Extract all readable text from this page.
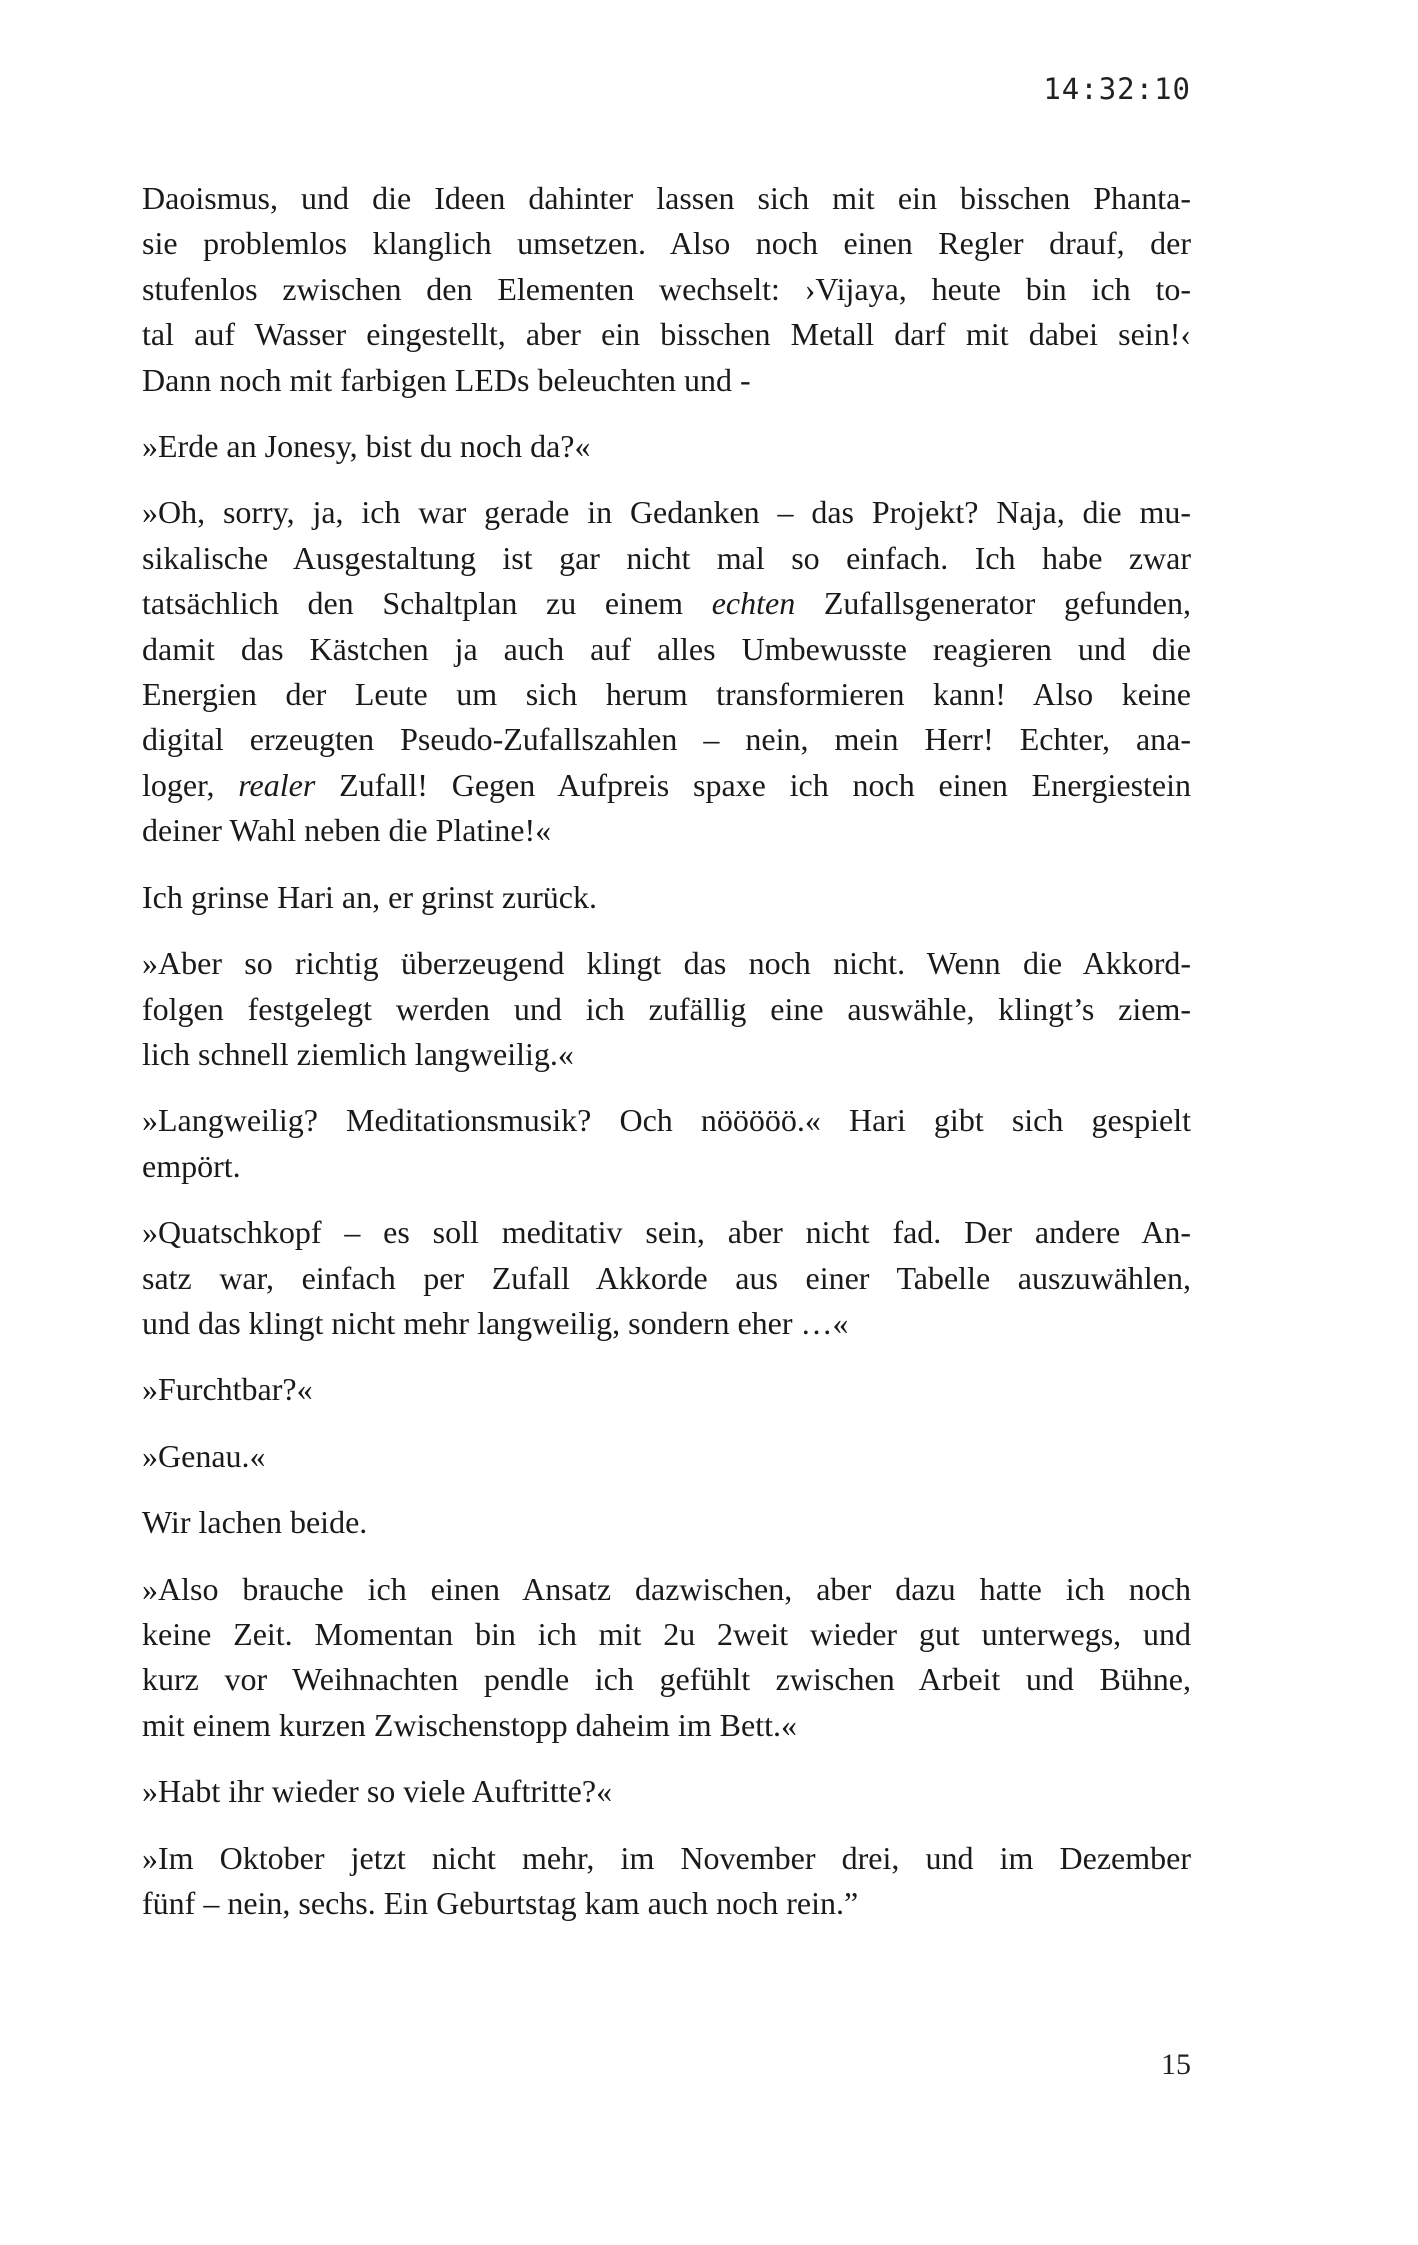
14:32:10
Daoismus, und die Ideen dahinter lassen sich mit ein bisschen Phanta-
sie problemlos klanglich umsetzen. Also noch einen Regler drauf, der
stufenlos zwischen den Elementen wechselt: ›Vijaya, heute bin ich to-
tal auf Wasser eingestellt, aber ein bisschen Metall darf mit dabei sein!‹
Dann noch mit farbigen LEDs beleuchten und -
»Erde an Jonesy, bist du noch da?«
»Oh, sorry, ja, ich war gerade in Gedanken – das Projekt? Naja, die mu-
sikalische Ausgestaltung ist gar nicht mal so einfach. Ich habe zwar
tatsächlich den Schaltplan zu einem echten Zufallsgenerator gefunden,
damit das Kästchen ja auch auf alles Umbewusste reagieren und die
Energien der Leute um sich herum transformieren kann! Also keine
digital erzeugten Pseudo-Zufallszahlen – nein, mein Herr! Echter, ana-
loger, realer Zufall! Gegen Aufpreis spaxe ich noch einen Energiestein
deiner Wahl neben die Platine!«
Ich grinse Hari an, er grinst zurück.
»Aber so richtig überzeugend klingt das noch nicht. Wenn die Akkord-
folgen festgelegt werden und ich zufällig eine auswähle, klingt’s ziem-
lich schnell ziemlich langweilig.«
»Langweilig? Meditationsmusik? Och nööööö.« Hari gibt sich gespielt
empört.
»Quatschkopf – es soll meditativ sein, aber nicht fad. Der andere An-
satz war, einfach per Zufall Akkorde aus einer Tabelle auszuwählen,
und das klingt nicht mehr langweilig, sondern eher …«
»Furchtbar?«
»Genau.«
Wir lachen beide.
»Also brauche ich einen Ansatz dazwischen, aber dazu hatte ich noch
keine Zeit. Momentan bin ich mit 2u 2weit wieder gut unterwegs, und
kurz vor Weihnachten pendle ich gefühlt zwischen Arbeit und Bühne,
mit einem kurzen Zwischenstopp daheim im Bett.«
»Habt ihr wieder so viele Auftritte?«
»Im Oktober jetzt nicht mehr, im November drei, und im Dezember
fünf – nein, sechs. Ein Geburtstag kam auch noch rein.”
15
